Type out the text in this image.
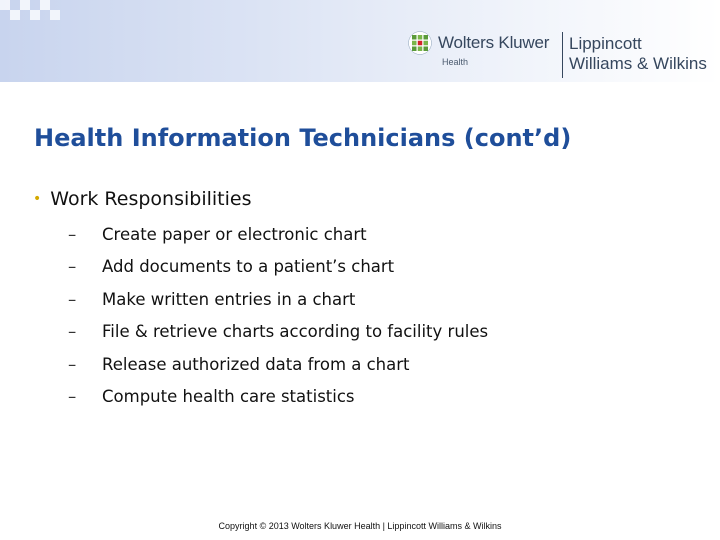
Wolters Kluwer
Health
Lippincott
Williams & Wilkins
Health Information Technicians (cont’d)
• Work Responsibilities
– Create paper or electronic chart
– Add documents to a patient’s chart
– Make written entries in a chart
– File & retrieve charts according to facility rules
– Release authorized data from a chart
– Compute health care statistics
Copyright © 2013 Wolters Kluwer Health | Lippincott Williams & Wilkins
